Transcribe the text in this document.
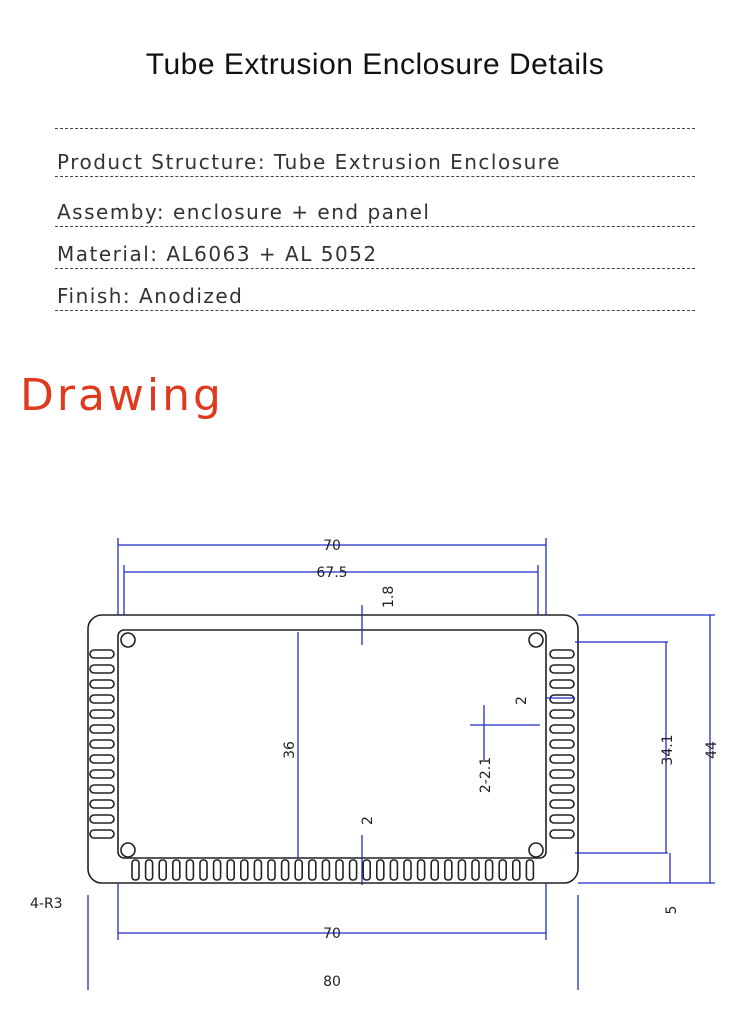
Tube Extrusion Enclosure Details
Product Structure: Tube Extrusion Enclosure
Assemby: enclosure + end panel
Material: AL6063 + AL 5052
Finish: Anodized
Drawing
70
67.5
1.8
36
2
2-2.1
2
34.1 44
5
4-R3
70
80
